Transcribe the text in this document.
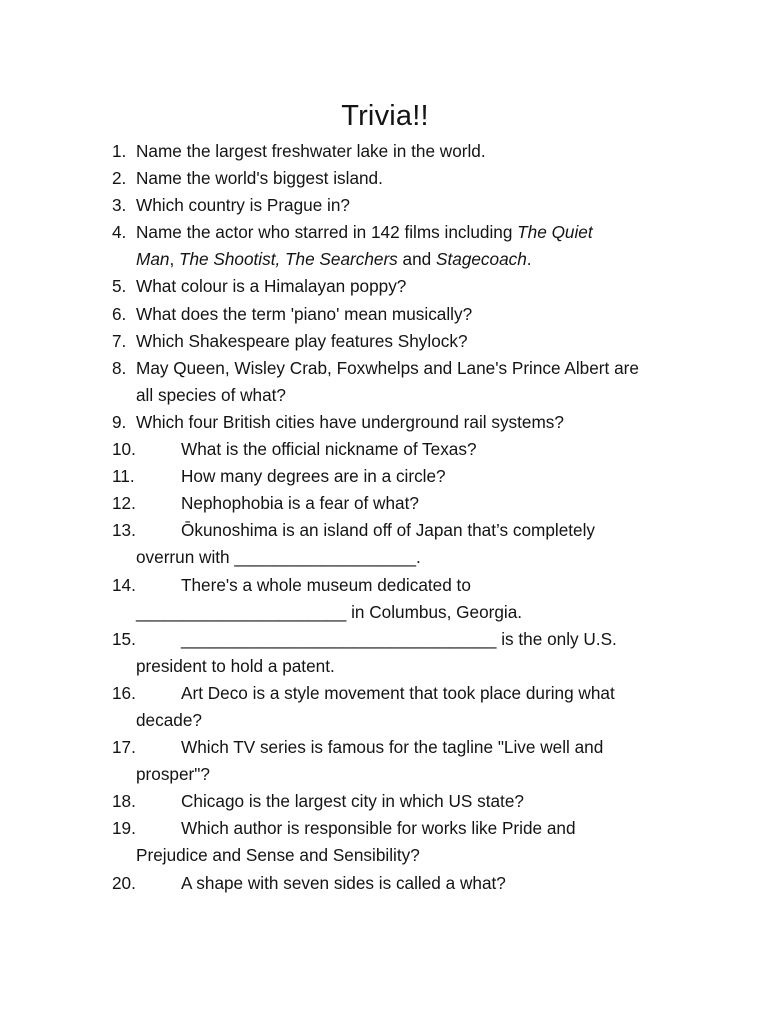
Trivia!!
1. Name the largest freshwater lake in the world.
2. Name the world's biggest island.
3. Which country is Prague in?
4. Name the actor who starred in 142 films including The Quiet
Man, The Shootist, The Searchers and Stagecoach.
5. What colour is a Himalayan poppy?
6. What does the term 'piano' mean musically?
7. Which Shakespeare play features Shylock?
8. May Queen, Wisley Crab, Foxwhelps and Lane's Prince Albert are
all species of what?
9. Which four British cities have underground rail systems?
10.	What is the official nickname of Texas?
11.	How many degrees are in a circle?
12.	Nephophobia is a fear of what?
13.	Ōkunoshima is an island off of Japan that’s completely
overrun with ___________________.
14.	There's a whole museum dedicated to
______________________ in Columbus, Georgia.
15.	_________________________________ is the only U.S.
president to hold a patent.
16.	Art Deco is a style movement that took place during what
decade?
17.	Which TV series is famous for the tagline "Live well and
prosper"?
18.	Chicago is the largest city in which US state?
19.	Which author is responsible for works like Pride and
Prejudice and Sense and Sensibility?
20.	A shape with seven sides is called a what?
